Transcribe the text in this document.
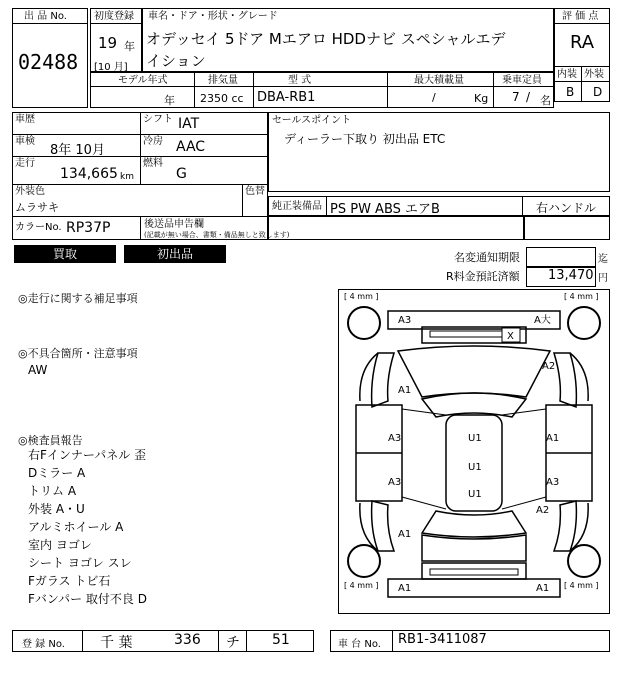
出 品 No.
02488
初度登録
19 年
[10 月]
車名・ドア・形状・グレード
オデッセイ 5ドア Mエアロ HDDナビ スペシャルエデ
イション
評 価 点
RA
内装 外装
B D
モデル年式	排気量	型 式	最大積載量	乗車定員
年 2350 cc DBA-RB1	/	Kg 7 / 名
車歴	シフト IAT
車検
8年 10月
冷房 AAC
走行
134,665 km
燃料
G
外装色
ムラサキ
色替
カラーNo. RP37P	後送品申告欄
(記載が無い場合、書類・備品無しと致します)
セールスポイント
ディーラー下取り 初出品 ETC
純正装備品 PS PW ABS エアB	右ハンドル
買取	初出品	名変通知期限	迄
R料金預託済額 13,470 円
◎走行に関する補足事項
◎不具合箇所・注意事項
AW
◎検査員報告
右Fインナーパネル 歪
Dミラー A
トリム A
外装 A・U
アルミホイール A
室内 ヨゴレ
シート ヨゴレ スレ
Fガラス トビ石
Fバンパー 取付不良 D
[ 4 mm ]	[ 4 mm ]
[ 4 mm ]	[ 4 mm ]
A3	A大
X
A2
A1
A3
A3
A1
A3
U1
U1
U1
A2
A1
A1	A1
登 録 No.	千 葉	336 チ 51	車 台 No. RB1-3411087
